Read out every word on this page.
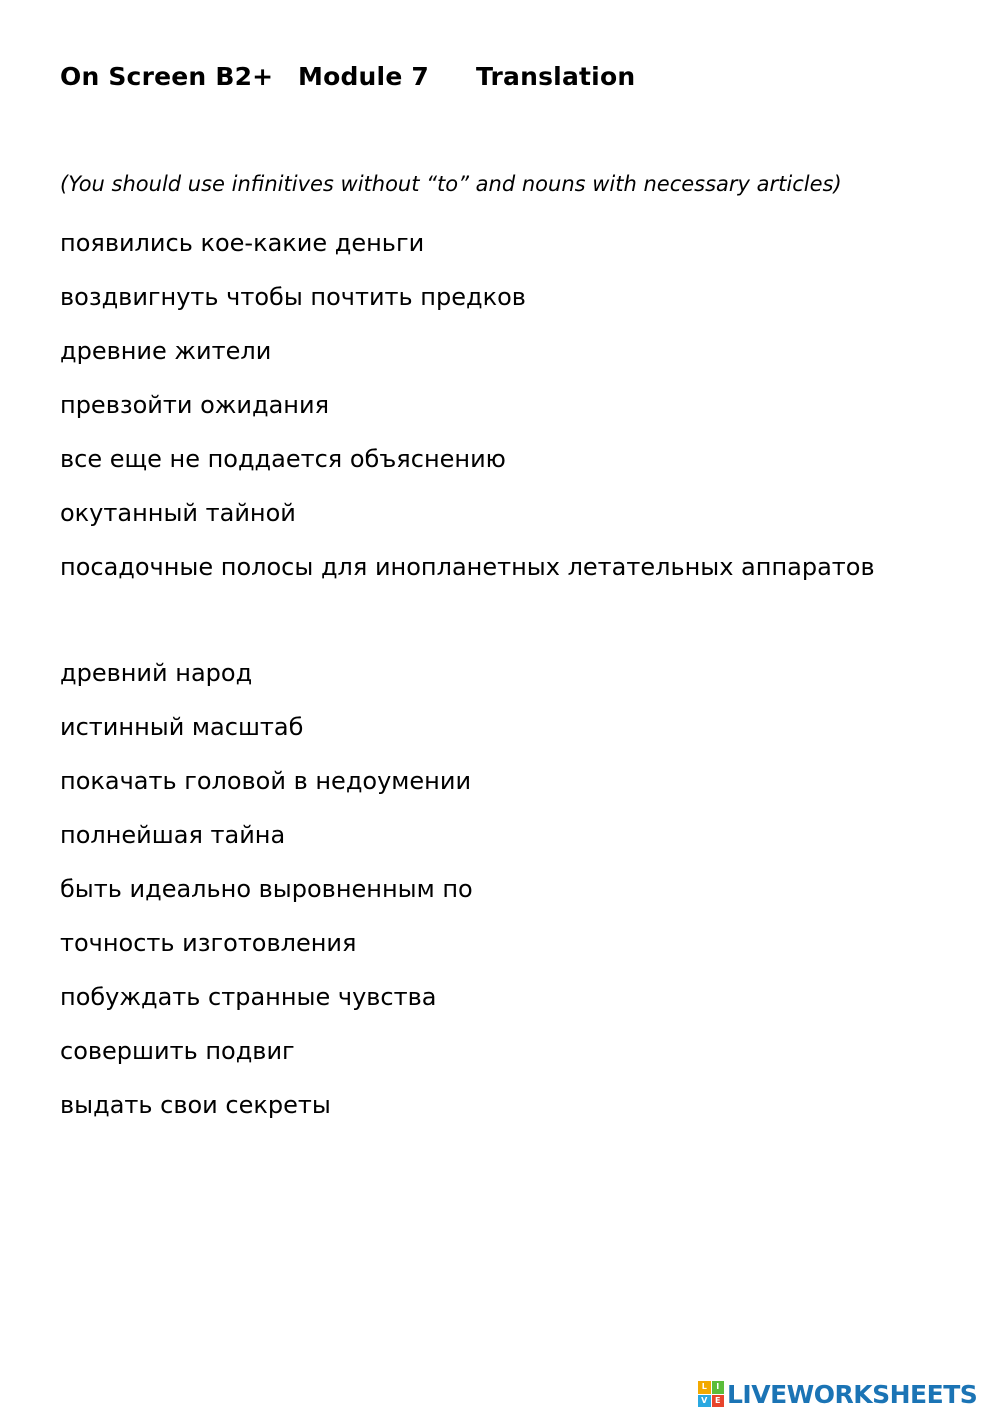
On Screen B2+ Module 7 Translation
(You should use infinitives without “to” and nouns with necessary articles)
появились кое-какие деньги
воздвигнуть чтобы почтить предков
древние жители
превзойти ожидания
все еще не поддается объяснению
окутанный тайной
посадочные полосы для инопланетных летательных аппаратов
древний народ
истинный масштаб
покачать головой в недоумении
полнейшая тайна
быть идеально выровненным по
точность изготовления
побуждать странные чувства
совершить подвиг
выдать свои секреты
L	I
V E LIVEWORKSHEETS
